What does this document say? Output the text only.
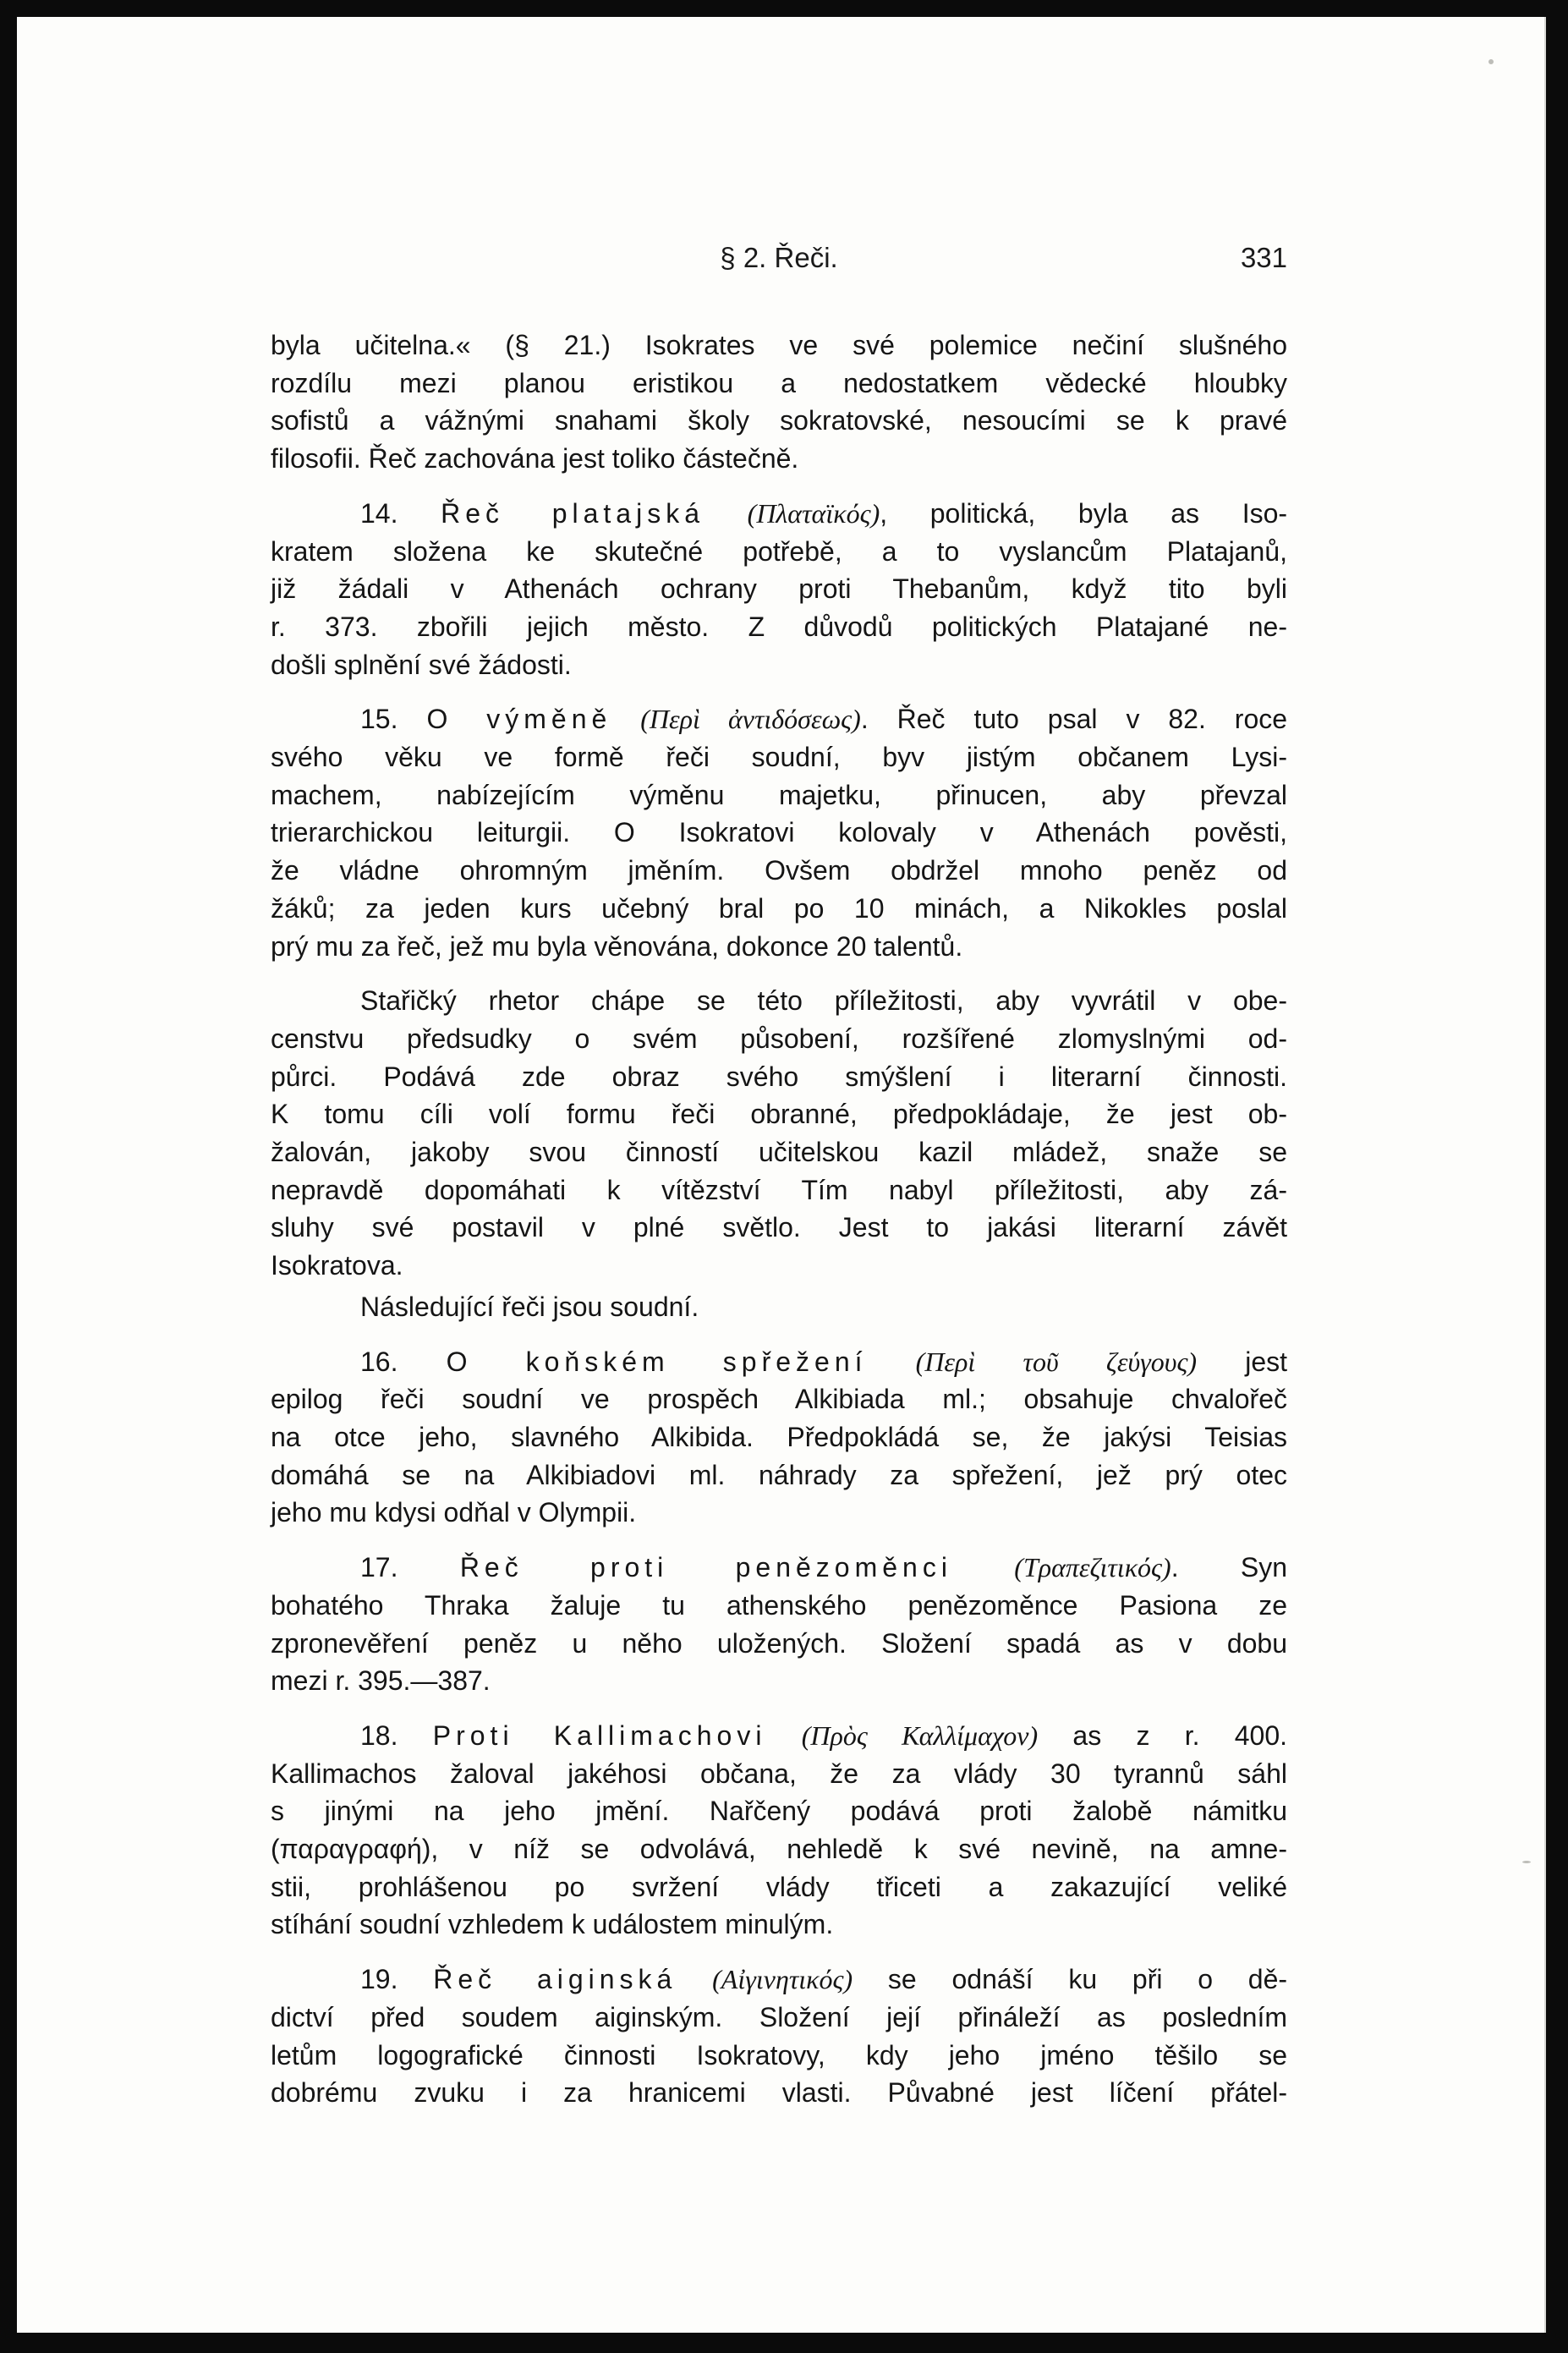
§ 2. Řeči.	331

byla učitelna.« (§ 21.) Isokrates ve své polemice nečiní slušného
rozdílu mezi planou eristikou a nedostatkem vědecké hloubky
sofistů a vážnými snahami školy sokratovské, nesoucími se k pravé
filosofii. Řeč zachována jest toliko částečně.

14. Řeč platajská (Πλαταϊκός), politická, byla as Iso-
kratem složena ke skutečné potřebě, a to vyslancům Platajanů,
již žádali v Athenách ochrany proti Thebanům, když tito byli
r. 373. zbořili jejich město. Z důvodů politických Platajané ne-
došli splnění své žádosti.

15. O výměně (Περὶ ἀντιδόσεως). Řeč tuto psal v 82. roce
svého věku ve formě řeči soudní, byv jistým občanem Lysi-
machem, nabízejícím výměnu majetku, přinucen, aby převzal
trierarchickou leiturgii. O Isokratovi kolovaly v Athenách pověsti,
že vládne ohromným jměním. Ovšem obdržel mnoho peněz od
žáků; za jeden kurs učebný bral po 10 minách, a Nikokles poslal
prý mu za řeč, jež mu byla věnována, dokonce 20 talentů.

Stařičký rhetor chápe se této příležitosti, aby vyvrátil v obe-
censtvu předsudky o svém působení, rozšířené zlomyslnými od-
půrci. Podává zde obraz svého smýšlení i literarní činnosti.
K tomu cíli volí formu řeči obranné, předpokládaje, že jest ob-
žalován, jakoby svou činností učitelskou kazil mládež, snaže se
nepravdě dopomáhati k vítězství Tím nabyl příležitosti, aby zá-
sluhy své postavil v plné světlo. Jest to jakási literarní závět
Isokratova.

Následující řeči jsou soudní.

16. O koňském spřežení (Περὶ τοῦ ζεύγους) jest
epilog řeči soudní ve prospěch Alkibiada ml.; obsahuje chvalořeč
na otce jeho, slavného Alkibida. Předpokládá se, že jakýsi Teisias
domáhá se na Alkibiadovi ml. náhrady za spřežení, jež prý otec
jeho mu kdysi odňal v Olympii.

17. Řeč proti penězoměnci (Τραπεζιτικός). Syn
bohatého Thraka žaluje tu athenského penězoměnce Pasiona ze
zpronevěření peněz u něho uložených. Složení spadá as v dobu
mezi r. 395.—387.

18. Proti Kallimachovi (Πρὸς Καλλίμαχον) as z r. 400.
Kallimachos žaloval jakéhosi občana, že za vlády 30 tyrannů sáhl
s jinými na jeho jmění. Nařčený podává proti žalobě námitku
(παραγραφή), v níž se odvolává, nehledě k své nevině, na amne-
stii, prohlášenou po svržení vlády třiceti a zakazující veliké
stíhání soudní vzhledem k událostem minulým.

19. Řeč aiginská (Αἰγινητικός) se odnáší ku při o dě-
dictví před soudem aiginským. Složení její přináleží as posledním
letům logografické činnosti Isokratovy, kdy jeho jméno těšilo se
dobrému zvuku i za hranicemi vlasti. Půvabné jest líčení přátel-
